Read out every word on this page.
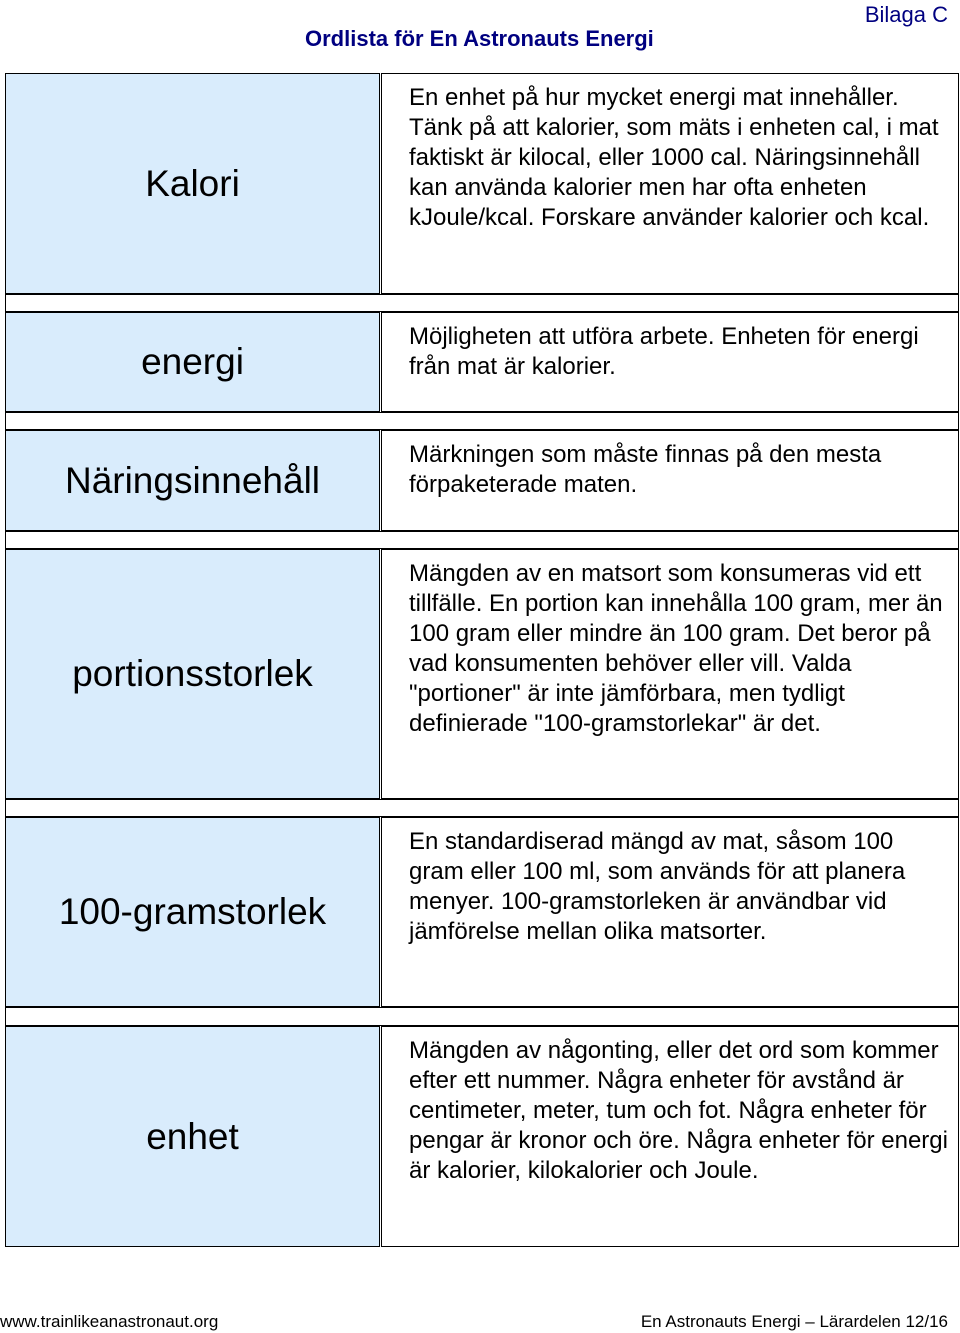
Ordlista för En Astronauts Energi
Bilaga C
Kalori
En enhet på hur mycket energi mat innehåller. Tänk på att kalorier, som mäts i enheten cal, i mat faktiskt är kilocal, eller 1000 cal. Näringsinnehåll kan använda kalorier men har ofta enheten kJoule/kcal. Forskare använder kalorier och kcal.
energi
Möjligheten att utföra arbete. Enheten för energi från mat är kalorier.
Näringsinnehåll
Märkningen som måste finnas på den mesta förpaketerade maten.
portionsstorlek
Mängden av en matsort som konsumeras vid ett tillfälle. En portion kan innehålla 100 gram, mer än 100 gram eller mindre än 100 gram. Det beror på vad konsumenten behöver eller vill. Valda "portioner" är inte jämförbara, men tydligt definierade "100-gramstorlekar" är det.
100-gramstorlek
En standardiserad mängd av mat, såsom 100 gram eller 100 ml, som används för att planera menyer. 100-gramstorleken är användbar vid jämförelse mellan olika matsorter.
enhet
Mängden av någonting, eller det ord som kommer efter ett nummer. Några enheter för avstånd är centimeter, meter, tum och fot. Några enheter för pengar är kronor och öre. Några enheter för energi är kalorier, kilokalorier och Joule.
www.trainlikeanastronaut.org	En Astronauts Energi – Lärardelen 12/16
